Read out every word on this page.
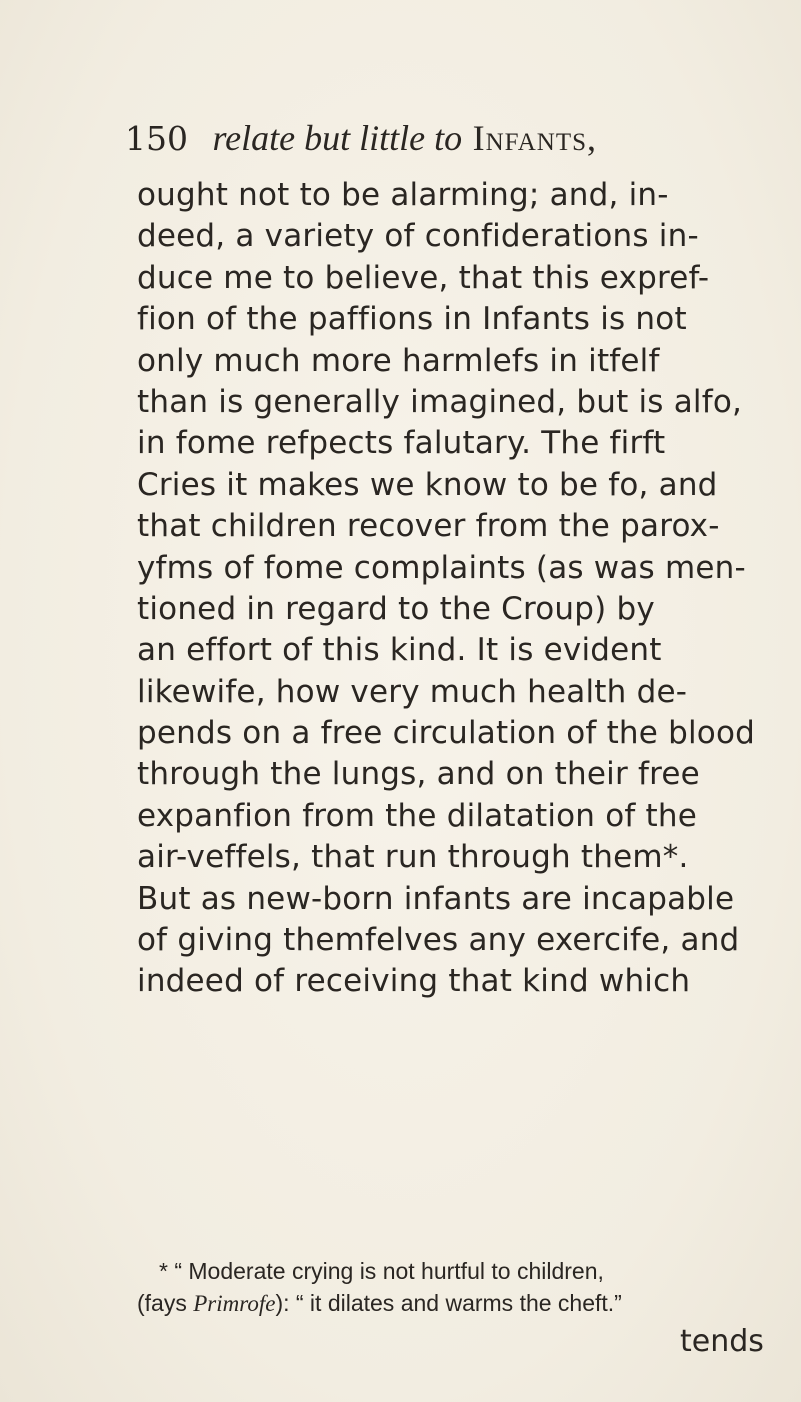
150 relate but little to Infants,
ought not to be alarming; and, in-
deed, a variety of confiderations in-
duce me to believe, that this expref-
fion of the paffions in Infants is not
only much more harmlefs in itfelf
than is generally imagined, but is alfo,
in fome refpects falutary. The firft
Cries it makes we know to be fo, and
that children recover from the parox-
yfms of fome complaints (as was men-
tioned in regard to the Croup) by
an effort of this kind. It is evident
likewife, how very much health de-
pends on a free circulation of the blood
through the lungs, and on their free
expanfion from the dilatation of the
air-veffels, that run through them*.
But as new-born infants are incapable
of giving themfelves any exercife, and
indeed of receiving that kind which
* “ Moderate crying is not hurtful to children,
(fays Primrofe): “ it dilates and warms the cheft.”
tends
